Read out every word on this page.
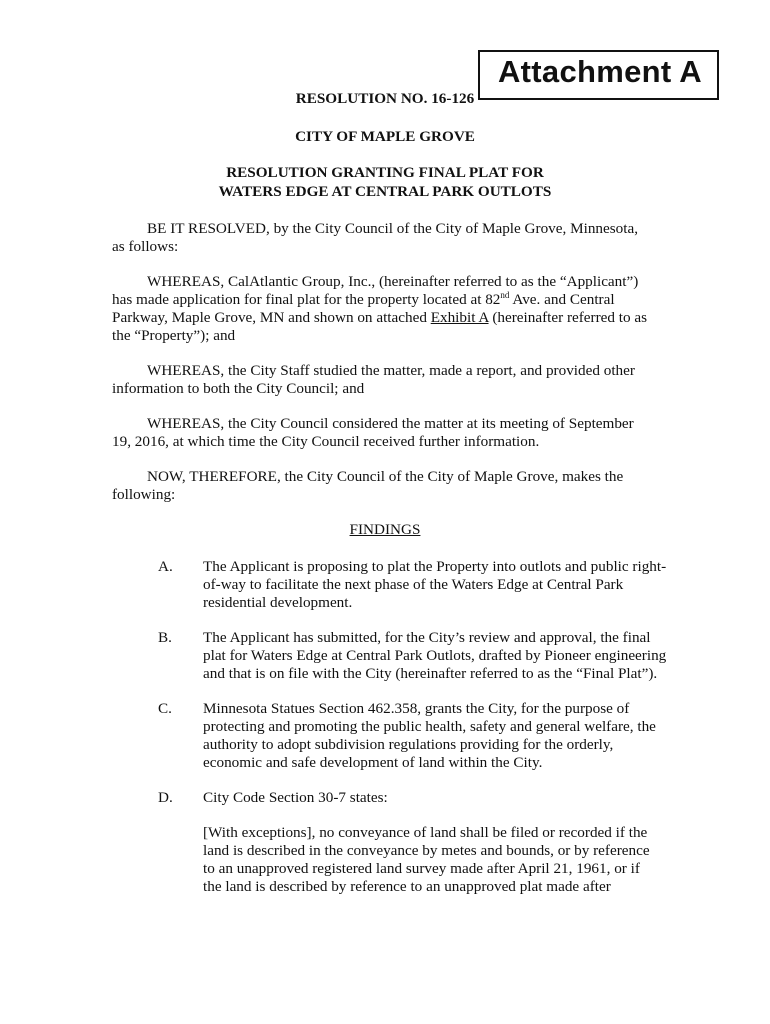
Attachment A
RESOLUTION NO. 16-126
CITY OF MAPLE GROVE
RESOLUTION GRANTING FINAL PLAT FOR
WATERS EDGE AT CENTRAL PARK OUTLOTS
BE IT RESOLVED, by the City Council of the City of Maple Grove, Minnesota,
as follows:
WHEREAS, CalAtlantic Group, Inc., (hereinafter referred to as the “Applicant”)
has made application for final plat for the property located at 82nd Ave. and Central
Parkway, Maple Grove, MN and shown on attached Exhibit A (hereinafter referred to as
the “Property”); and
WHEREAS, the City Staff studied the matter, made a report, and provided other
information to both the City Council; and
WHEREAS, the City Council considered the matter at its meeting of September
19, 2016, at which time the City Council received further information.
NOW, THEREFORE, the City Council of the City of Maple Grove, makes the
following:
FINDINGS
A. The Applicant is proposing to plat the Property into outlots and public right-
of-way to facilitate the next phase of the Waters Edge at Central Park
residential development.
B. The Applicant has submitted, for the City’s review and approval, the final
plat for Waters Edge at Central Park Outlots, drafted by Pioneer engineering
and that is on file with the City (hereinafter referred to as the “Final Plat”).
C. Minnesota Statues Section 462.358, grants the City, for the purpose of
protecting and promoting the public health, safety and general welfare, the
authority to adopt subdivision regulations providing for the orderly,
economic and safe development of land within the City.
D. City Code Section 30-7 states:
[With exceptions], no conveyance of land shall be filed or recorded if the
land is described in the conveyance by metes and bounds, or by reference
to an unapproved registered land survey made after April 21, 1961, or if
the land is described by reference to an unapproved plat made after
